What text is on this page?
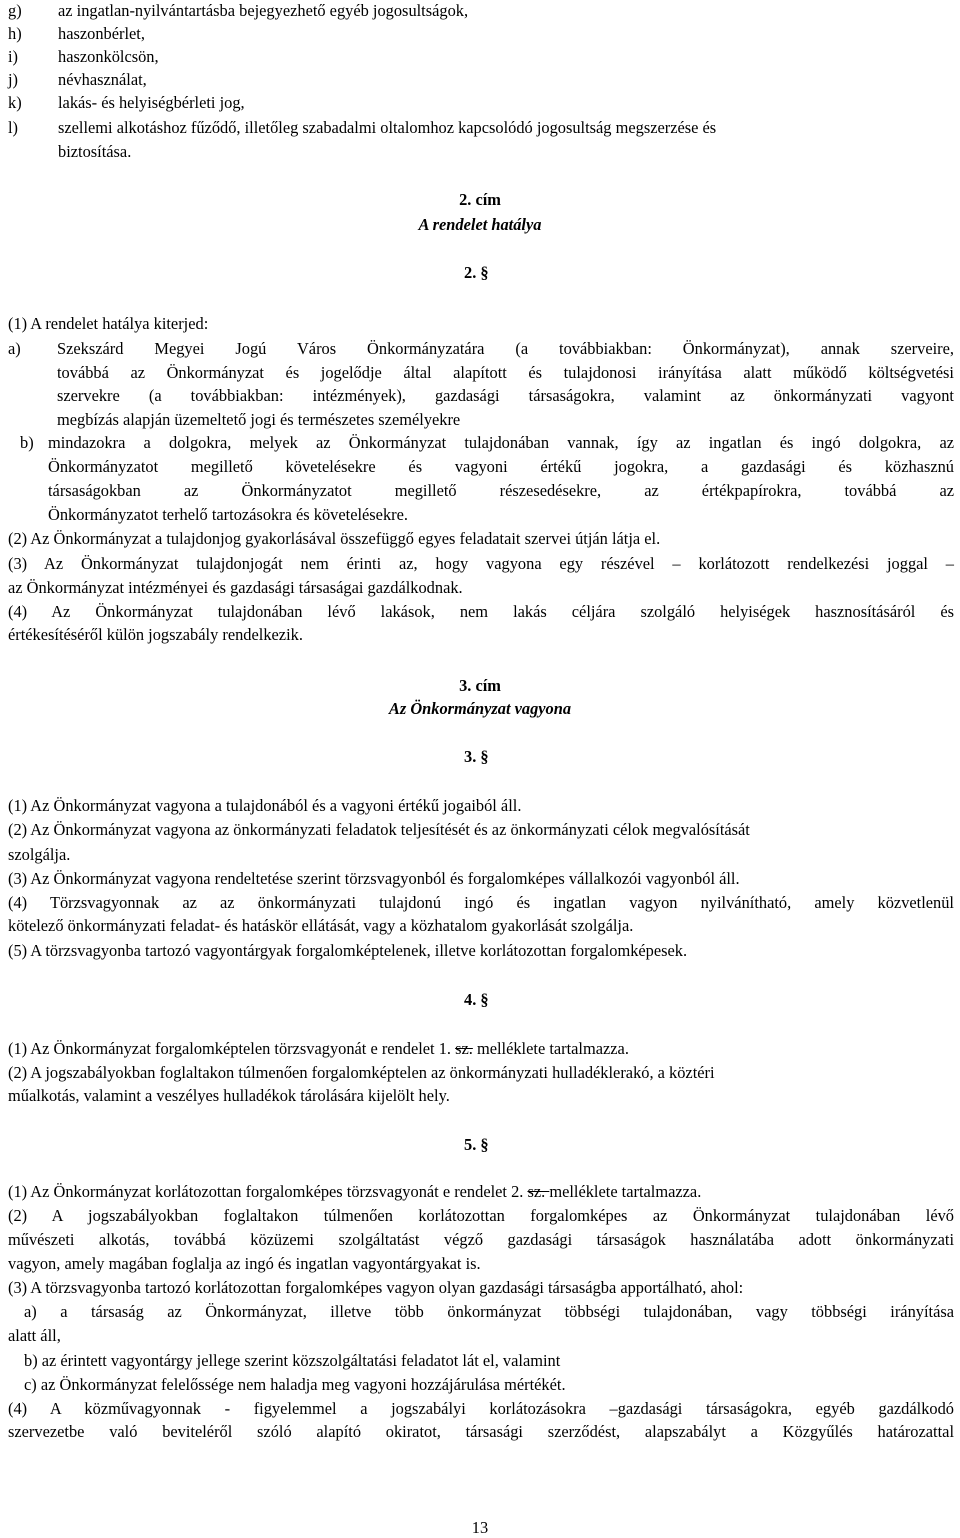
g) az ingatlan-nyilvántartásba bejegyezhető egyéb jogosultságok,
h) haszonbérlet,
i) haszonkölcsön,
j) névhasználat,
k) lakás- és helyiségbérleti jog,
l) szellemi alkotáshoz fűződő, illetőleg szabadalmi oltalomhoz kapcsolódó jogosultság megszerzése és
biztosítása.
2. cím
A rendelet hatálya
2. §
(1) A rendelet hatálya kiterjed:
a) Szekszárd Megyei Jogú Város Önkormányzatára (a továbbiakban: Önkormányzat), annak szerveire,
továbbá az Önkormányzat és jogelődje által alapított és tulajdonosi irányítása alatt működő költségvetési
szervekre (a továbbiakban: intézmények), gazdasági társaságokra, valamint az önkormányzati vagyont
megbízás alapján üzemeltető jogi és természetes személyekre
b) mindazokra a dolgokra, melyek az Önkormányzat tulajdonában vannak, így az ingatlan és ingó dolgokra, az
Önkormányzatot megillető követelésekre és vagyoni értékű jogokra, a gazdasági és közhasznú
társaságokban az Önkormányzatot megillető részesedésekre, az értékpapírokra, továbbá az
Önkormányzatot terhelő tartozásokra és követelésekre.
(2) Az Önkormányzat a tulajdonjog gyakorlásával összefüggő egyes feladatait szervei útján látja el.
(3) Az Önkormányzat tulajdonjogát nem érinti az, hogy vagyona egy részével – korlátozott rendelkezési joggal –
az Önkormányzat intézményei és gazdasági társaságai gazdálkodnak.
(4) Az Önkormányzat tulajdonában lévő lakások, nem lakás céljára szolgáló helyiségek hasznosításáról és
értékesítéséről külön jogszabály rendelkezik.
3. cím
Az Önkormányzat vagyona
3. §
(1) Az Önkormányzat vagyona a tulajdonából és a vagyoni értékű jogaiból áll.
(2) Az Önkormányzat vagyona az önkormányzati feladatok teljesítését és az önkormányzati célok megvalósítását
szolgálja.
(3) Az Önkormányzat vagyona rendeltetése szerint törzsvagyonból és forgalomképes vállalkozói vagyonból áll.
(4) Törzsvagyonnak az az önkormányzati tulajdonú ingó és ingatlan vagyon nyilvánítható, amely közvetlenül
kötelező önkormányzati feladat- és hatáskör ellátását, vagy a közhatalom gyakorlását szolgálja.
(5) A törzsvagyonba tartozó vagyontárgyak forgalomképtelenek, illetve korlátozottan forgalomképesek.
4. §
(1) Az Önkormányzat forgalomképtelen törzsvagyonát e rendelet 1. sz. melléklete tartalmazza.
(2) A jogszabályokban foglaltakon túlmenően forgalomképtelen az önkormányzati hulladéklerakó, a köztéri
műalkotás, valamint a veszélyes hulladékok tárolására kijelölt hely.
5. §
(1) Az Önkormányzat korlátozottan forgalomképes törzsvagyonát e rendelet 2. sz. melléklete tartalmazza.
(2) A jogszabályokban foglaltakon túlmenően korlátozottan forgalomképes az Önkormányzat tulajdonában lévő
művészeti alkotás, továbbá közüzemi szolgáltatást végző gazdasági társaságok használatába adott önkormányzati
vagyon, amely magában foglalja az ingó és ingatlan vagyontárgyakat is.
(3) A törzsvagyonba tartozó korlátozottan forgalomképes vagyon olyan gazdasági társaságba apportálható, ahol:
a) a társaság az Önkormányzat, illetve több önkormányzat többségi tulajdonában, vagy többségi irányítása
alatt áll,
b) az érintett vagyontárgy jellege szerint közszolgáltatási feladatot lát el, valamint
c) az Önkormányzat felelőssége nem haladja meg vagyoni hozzájárulása mértékét.
(4) A közművagyonnak - figyelemmel a jogszabályi korlátozásokra –gazdasági társaságokra, egyéb gazdálkodó
szervezetbe való beviteléről szóló alapító okiratot, társasági szerződést, alapszabályt a Közgyűlés határozattal
13
